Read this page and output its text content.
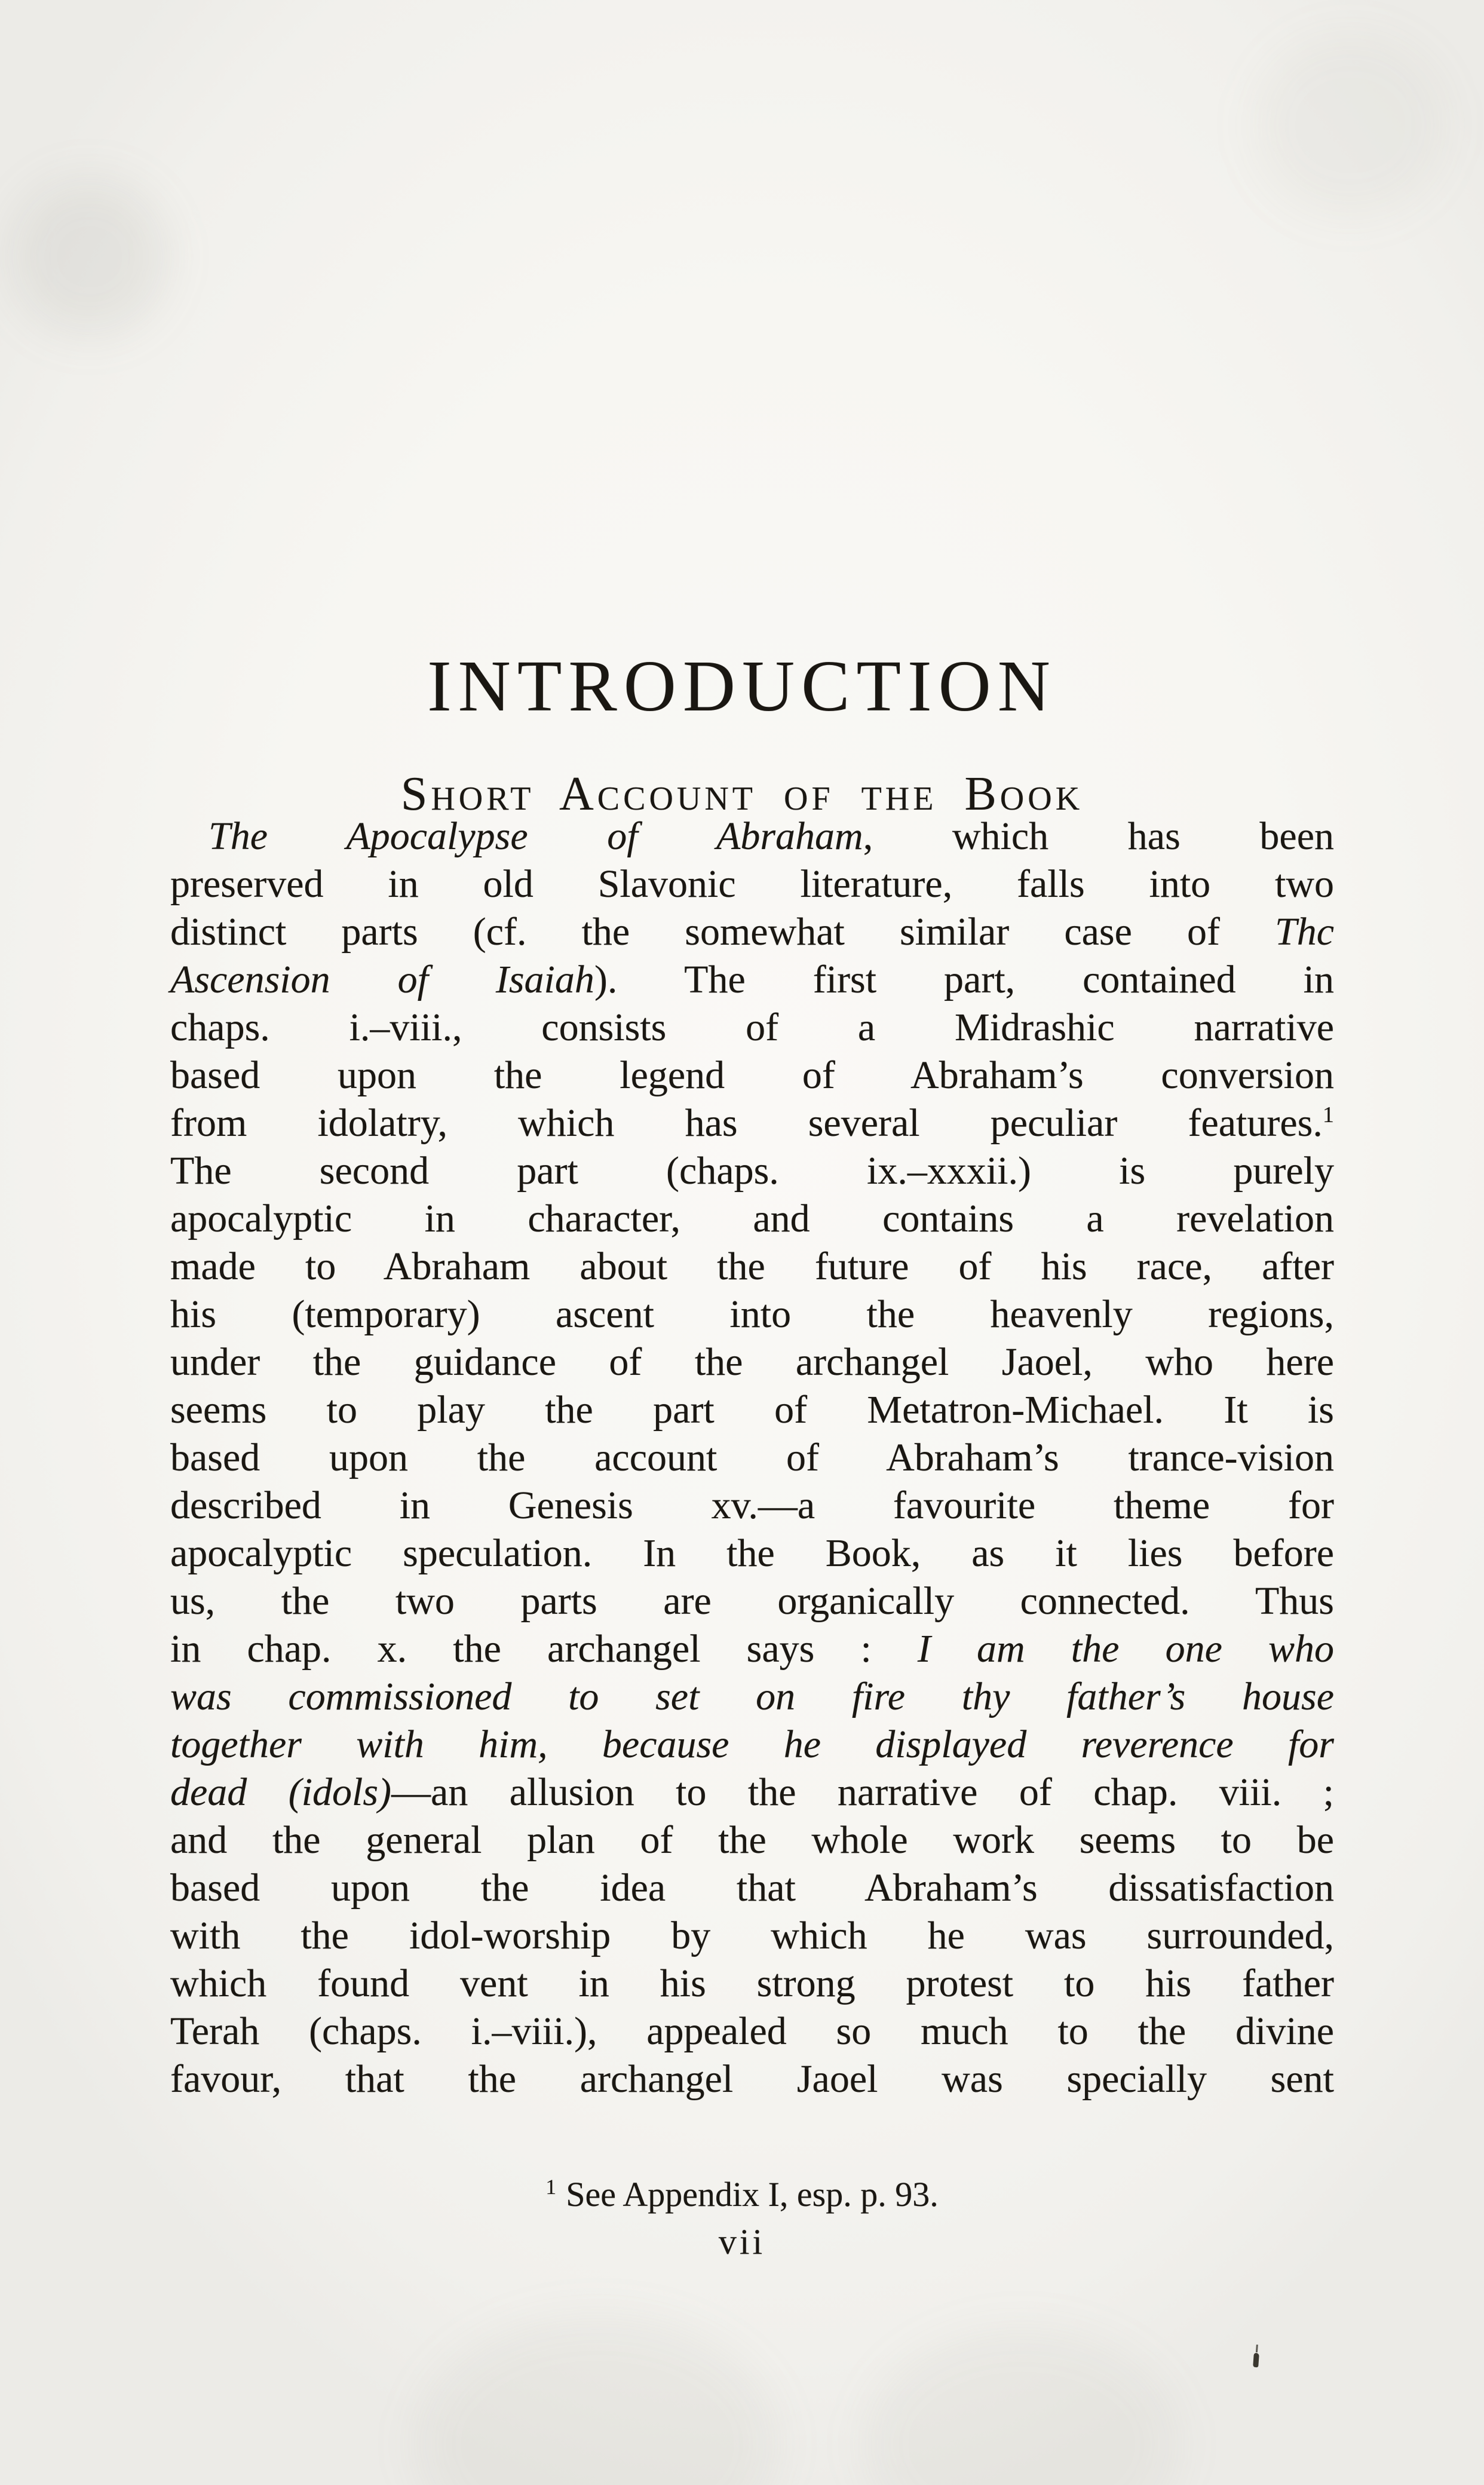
INTRODUCTION
Short Account of the Book
The Apocalypse of Abraham, which has been
preserved in old Slavonic literature, falls into two
distinct parts (cf. the somewhat similar case of Thc
Ascension of Isaiah). The first part, contained in
chaps. i.–viii., consists of a Midrashic narrative
based upon the legend of Abraham’s conversion
from idolatry, which has several peculiar features.$^1$
The second part (chaps. ix.–xxxii.) is purely
apocalyptic in character, and contains a revelation
made to Abraham about the future of his race, after
his (temporary) ascent into the heavenly regions,
under the guidance of the archangel Jaoel, who here
seems to play the part of Metatron-Michael. It is
based upon the account of Abraham’s trance-vision
described in Genesis xv.—a favourite theme for
apocalyptic speculation. In the Book, as it lies before
us, the two parts are organically connected. Thus
in chap. x. the archangel says : I am the one who
was commissioned to set on fire thy father’s house
together with him, because he displayed reverence for
dead (idols)—an allusion to the narrative of chap. viii. ;
and the general plan of the whole work seems to be
based upon the idea that Abraham’s dissatisfaction
with the idol-worship by which he was surrounded,
which found vent in his strong protest to his father
Terah (chaps. i.–viii.), appealed so much to the divine
favour, that the archangel Jaoel was specially sent
$^1$ See Appendix I, esp. p. 93.
vii
